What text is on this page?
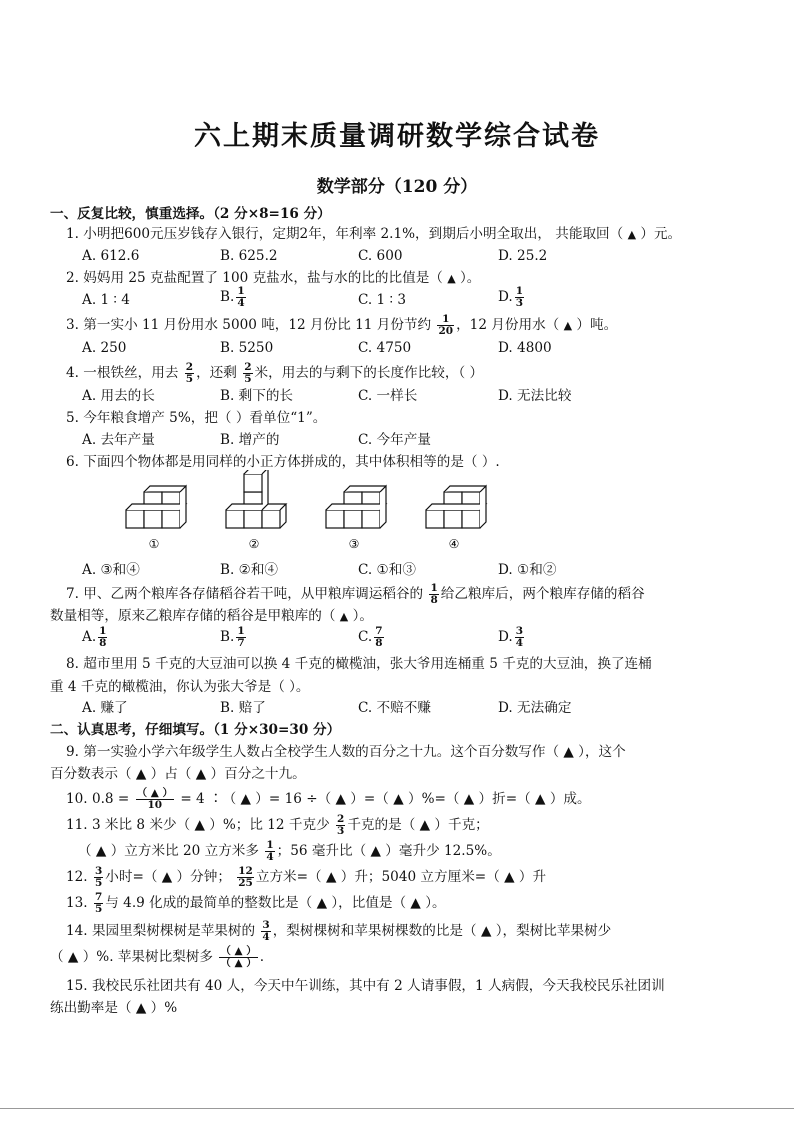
六上期末质量调研数学综合试卷
数学部分（120 分）
一、反复比较，慎重选择。（2 分×8=16 分）
1. 小明把600元压岁钱存入银行，定期2年，年利率 2.1%，到期后小明全取出， 共能取回（ ▲ ）元。
A. 612.6	B. 625.2	C. 600	D. 25.2
2. 妈妈用 25 克盐配置了 100 克盐水，盐与水的比的比值是（ ▲ ）。
A. 1 ∶ 4	B. $\frac{1}{4}$	C. 1 ∶ 3	D. $\frac{1}{3}$
3. 第一实小 11 月份用水 5000 吨，12 月份比 11 月份节约 $\frac{1}{20}$ ，12 月份用水（ ▲ ）吨。
A. 250	B. 5250	C. 4750	D. 4800
4. 一根铁丝，用去 $\frac{2}{5}$ ，还剩 $\frac{2}{5}$ 米，用去的与剩下的长度作比较，（ ）
A. 用去的长	B. 剩下的长	C. 一样长	D. 无法比较
5. 今年粮食增产 5%，把（ ）看单位“1”。
A. 去年产量	B. 增产的	C. 今年产量
6. 下面四个物体都是用同样的小正方体拼成的，其中体积相等的是（ ）.
①	②	③	④
A. ③和④	B. ②和④	C. ①和③	D. ①和②
7. 甲、乙两个粮库各存储稻谷若干吨，从甲粮库调运稻谷的 $\frac{1}{8}$ 给乙粮库后，两个粮库存储的稻谷
数量相等，原来乙粮库存储的稻谷是甲粮库的（ ▲ ）。
A. $\frac{1}{8}$	B. $\frac{1}{7}$	C. $\frac{7}{8}$	D. $\frac{3}{4}$
8. 超市里用 5 千克的大豆油可以换 4 千克的橄榄油，张大爷用连桶重 5 千克的大豆油，换了连桶
重 4 千克的橄榄油，你认为张大爷是（ ）。
A. 赚了	B. 赔了	C. 不赔不赚	D. 无法确定
二、认真思考，仔细填写。（1 分×30=30 分）
9. 第一实验小学六年级学生人数占全校学生人数的百分之十九。这个百分数写作（ ▲ ），这个
百分数表示（ ▲ ）占（ ▲ ）百分之十九。
10. $0.8 = \frac{( ▲ )}{10} = 4$ ∶（ ▲ ）= 16 ÷（ ▲ ）=（ ▲ ）%=（ ▲ ）折=（ ▲ ）成。
11. 3 米比 8 米少（ ▲ ）%；比 12 千克少 $\frac{2}{3}$ 千克的是（ ▲ ）千克；
（ ▲ ）立方米比 20 立方米多 $\frac{1}{4}$ ；56 毫升比（ ▲ ）毫升少 12.5%。
12. $\frac{3}{5}$ 小时=（ ▲ ）分钟； $\frac{12}{25}$ 立方米=（ ▲ ）升；5040 立方厘米=（ ▲ ）升
13. $\frac{7}{5}$ 与 4.9 化成的最简单的整数比是（ ▲ ），比值是（ ▲ ）。
14. 果园里梨树棵树是苹果树的 $\frac{3}{4}$ ，梨树棵树和苹果树棵数的比是（ ▲ ），梨树比苹果树少
（ ▲ ）%. 苹果树比梨树多 $\frac{( ▲ )}{( ▲ )}$ .
15. 我校民乐社团共有 40 人，今天中午训练，其中有 2 人请事假，1 人病假，今天我校民乐社团训
练出勤率是（ ▲ ）%
